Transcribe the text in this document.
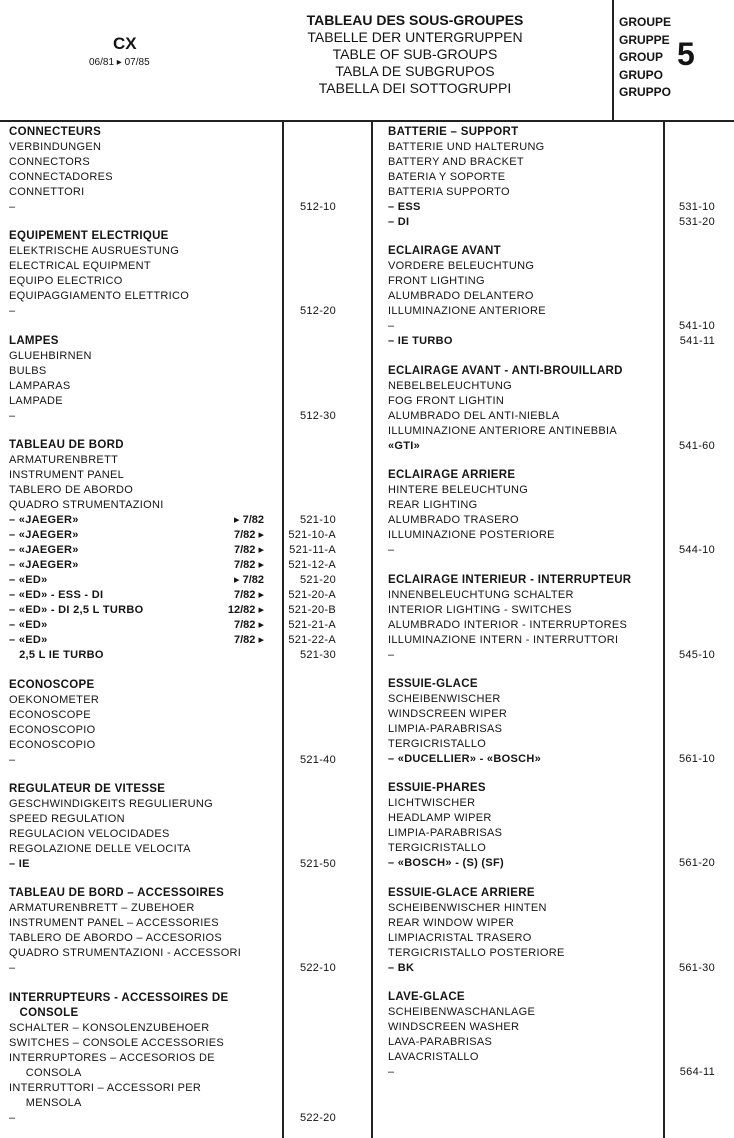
CX
06/81 ▸ 07/85
TABLEAU DES SOUS-GROUPES
TABELLE DER UNTERGRUPPEN
TABLE OF SUB-GROUPS
TABLA DE SUBGRUPOS
TABELLA DEI SOTTOGRUPPI
GROUPE
GRUPPE
GROUP
GRUPO
GRUPPO
5
CONNECTEURS
VERBINDUNGEN
CONNECTORS
CONNECTADORES
CONNETTORI
–	512-10
EQUIPEMENT ELECTRIQUE
ELEKTRISCHE AUSRUESTUNG
ELECTRICAL EQUIPMENT
EQUIPO ELECTRICO
EQUIPAGGIAMENTO ELETTRICO
–	512-20
LAMPES
GLUEHBIRNEN
BULBS
LAMPARAS
LAMPADE
–	512-30
TABLEAU DE BORD
ARMATURENBRETT
INSTRUMENT PANEL
TABLERO DE ABORDO
QUADRO STRUMENTAZIONI
– «JAEGER»	▸ 7/82	521-10
– «JAEGER»	7/82 ▸ 521-10-A
– «JAEGER»	7/82 ▸ 521-11-A
– «JAEGER»	7/82 ▸ 521-12-A
– «ED»	▸ 7/82	521-20
– «ED» - ESS - DI	7/82 ▸ 521-20-A
– «ED» - DI 2,5 L TURBO	12/82 ▸ 521-20-B
– «ED»	7/82 ▸ 521-21-A
– «ED»	7/82 ▸ 521-22-A
2,5 L IE TURBO	521-30
ECONOSCOPE
OEKONOMETER
ECONOSCOPE
ECONOSCOPIO
ECONOSCOPIO
–	521-40
REGULATEUR DE VITESSE
GESCHWINDIGKEITS REGULIERUNG
SPEED REGULATION
REGULACION VELOCIDADES
REGOLAZIONE DELLE VELOCITA
– IE	521-50
TABLEAU DE BORD – ACCESSOIRES
ARMATURENBRETT – ZUBEHOER
INSTRUMENT PANEL – ACCESSORIES
TABLERO DE ABORDO – ACCESORIOS
QUADRO STRUMENTAZIONI - ACCESSORI
–	522-10
INTERRUPTEURS - ACCESSOIRES DE
CONSOLE
SCHALTER – KONSOLENZUBEHOER
SWITCHES – CONSOLE ACCESSORIES
INTERRUPTORES – ACCESORIOS DE
CONSOLA
INTERRUTTORI – ACCESSORI PER
MENSOLA
–	522-20
BATTERIE – SUPPORT
BATTERIE UND HALTERUNG
BATTERY AND BRACKET
BATERIA Y SOPORTE
BATTERIA SUPPORTO
– ESS	531-10
– DI	531-20
ECLAIRAGE AVANT
VORDERE BELEUCHTUNG
FRONT LIGHTING
ALUMBRADO DELANTERO
ILLUMINAZIONE ANTERIORE
–	541-10
– IE TURBO	541-11
ECLAIRAGE AVANT - ANTI-BROUILLARD
NEBELBELEUCHTUNG
FOG FRONT LIGHTIN
ALUMBRADO DEL ANTI-NIEBLA
ILLUMINAZIONE ANTERIORE ANTINEBBIA
«GTI»	541-60
ECLAIRAGE ARRIERE
HINTERE BELEUCHTUNG
REAR LIGHTING
ALUMBRADO TRASERO
ILLUMINAZIONE POSTERIORE
–	544-10
ECLAIRAGE INTERIEUR - INTERRUPTEUR
INNENBELEUCHTUNG SCHALTER
INTERIOR LIGHTING - SWITCHES
ALUMBRADO INTERIOR - INTERRUPTORES
ILLUMINAZIONE INTERN - INTERRUTTORI
–	545-10
ESSUIE-GLACE
SCHEIBENWISCHER
WINDSCREEN WIPER
LIMPIA-PARABRISAS
TERGICRISTALLO
– «DUCELLIER» - «BOSCH»	561-10
ESSUIE-PHARES
LICHTWISCHER
HEADLAMP WIPER
LIMPIA-PARABRISAS
TERGICRISTALLO
– «BOSCH» - (S) (SF)	561-20
ESSUIE-GLACE ARRIERE
SCHEIBENWISCHER HINTEN
REAR WINDOW WIPER
LIMPIACRISTAL TRASERO
TERGICRISTALLO POSTERIORE
– BK	561-30
LAVE-GLACE
SCHEIBENWASCHANLAGE
WINDSCREEN WASHER
LAVA-PARABRISAS
LAVACRISTALLO
–	564-11
